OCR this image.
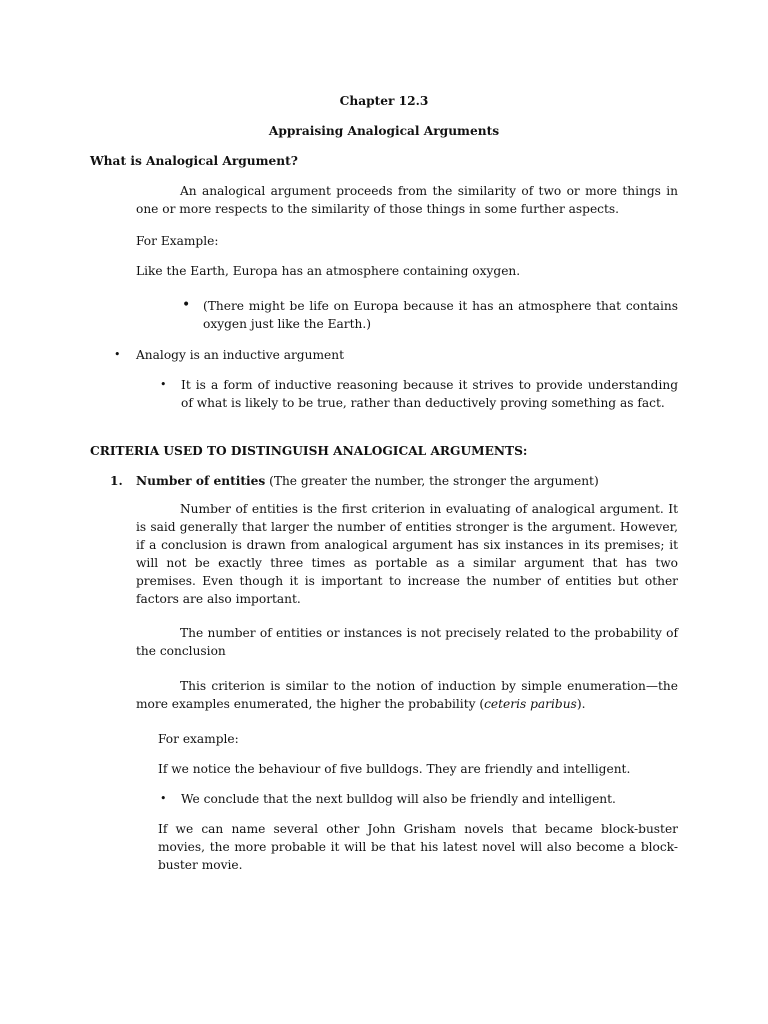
Chapter 12.3
Appraising Analogical Arguments
What is Analogical Argument?

An analogical argument proceeds from the similarity of two or more things in one or more respects to the similarity of those things in some further aspects.

For Example:
Like the Earth, Europa has an atmosphere containing oxygen.
• (There might be life on Europa because it has an atmosphere that contains oxygen just like the Earth.)

• Analogy is an inductive argument
• It is a form of inductive reasoning because it strives to provide understanding of what is likely to be true, rather than deductively proving something as fact.

CRITERIA USED TO DISTINGUISH ANALOGICAL ARGUMENTS:
1. Number of entities (The greater the number, the stronger the argument)

Number of entities is the first criterion in evaluating of analogical argument. It is said generally that larger the number of entities stronger is the argument. However, if a conclusion is drawn from analogical argument has six instances in its premises; it will not be exactly three times as portable as a similar argument that has two premises. Even though it is important to increase the number of entities but other factors are also important.

The number of entities or instances is not precisely related to the probability of the conclusion

This criterion is similar to the notion of induction by simple enumeration—the more examples enumerated, the higher the probability (ceteris paribus).

For example:
If we notice the behaviour of five bulldogs. They are friendly and intelligent.
• We conclude that the next bulldog will also be friendly and intelligent.

If we can name several other John Grisham novels that became block-buster movies, the more probable it will be that his latest novel will also become a block-buster movie.
